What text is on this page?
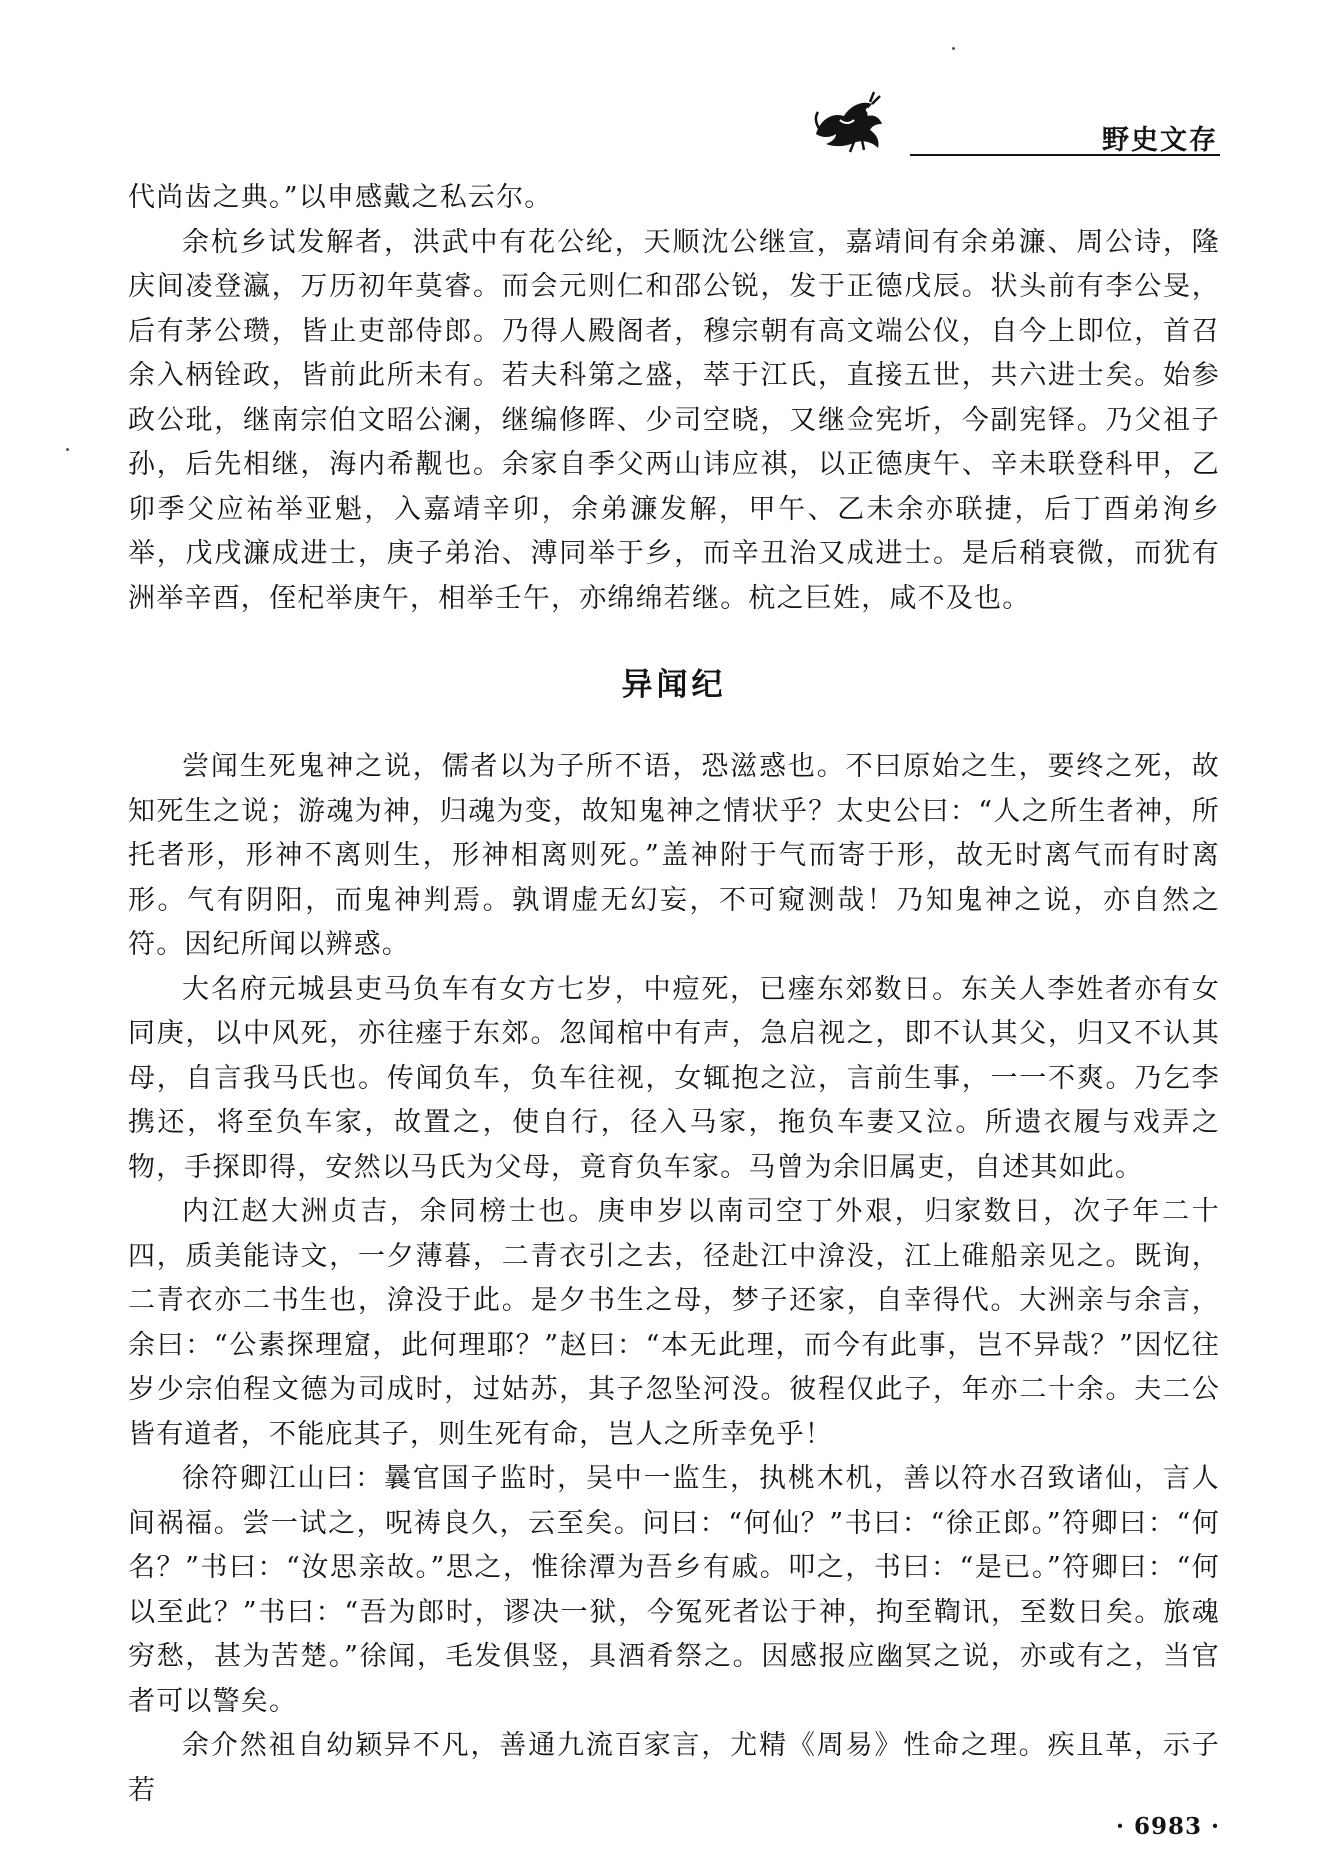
野史文存

代尚齿之典。”以申感戴之私云尔。

余杭乡试发解者，洪武中有花公纶，天顺沈公继宣，嘉靖间有余弟濂、周公诗，隆庆间凌登瀛，万历初年莫睿。而会元则仁和邵公锐，发于正德戊辰。状头前有李公旻，后有茅公瓒，皆止吏部侍郎。乃得人殿阁者，穆宗朝有高文端公仪，自今上即位，首召余入柄铨政，皆前此所未有。若夫科第之盛，萃于江氏，直接五世，共六进士矣。始参政公玭，继南宗伯文昭公澜，继编修晖、少司空晓，又继佥宪圻，今副宪铎。乃父祖子孙，后先相继，海内希觏也。余家自季父两山讳应祺，以正德庚午、辛未联登科甲，乙卯季父应祐举亚魁，入嘉靖辛卯，余弟濂发解，甲午、乙未余亦联捷，后丁酉弟洵乡举，戊戌濂成进士，庚子弟治、溥同举于乡，而辛丑治又成进士。是后稍衰微，而犹有洲举辛酉，侄杞举庚午，相举壬午，亦绵绵若继。杭之巨姓，咸不及也。

异闻纪

尝闻生死鬼神之说，儒者以为子所不语，恐滋惑也。不曰原始之生，要终之死，故知死生之说；游魂为神，归魂为变，故知鬼神之情状乎？太史公曰：“人之所生者神，所托者形，形神不离则生，形神相离则死。”盖神附于气而寄于形，故无时离气而有时离形。气有阴阳，而鬼神判焉。孰谓虚无幻妄，不可窥测哉！乃知鬼神之说，亦自然之符。因纪所闻以辨惑。

大名府元城县吏马负车有女方七岁，中痘死，已瘗东郊数日。东关人李姓者亦有女同庚，以中风死，亦往瘗于东郊。忽闻棺中有声，急启视之，即不认其父，归又不认其母，自言我马氏也。传闻负车，负车往视，女辄抱之泣，言前生事，一一不爽。乃乞李携还，将至负车家，故置之，使自行，径入马家，拖负车妻又泣。所遗衣履与戏弄之物，手探即得，安然以马氏为父母，竟育负车家。马曾为余旧属吏，自述其如此。

内江赵大洲贞吉，余同榜士也。庚申岁以南司空丁外艰，归家数日，次子年二十四，质美能诗文，一夕薄暮，二青衣引之去，径赴江中渰没，江上碓船亲见之。既询，二青衣亦二书生也，渰没于此。是夕书生之母，梦子还家，自幸得代。大洲亲与余言，余曰：“公素探理窟，此何理耶？”赵曰：“本无此理，而今有此事，岂不异哉？”因忆往岁少宗伯程文德为司成时，过姑苏，其子忽坠河没。彼程仅此子，年亦二十余。夫二公皆有道者，不能庇其子，则生死有命，岂人之所幸免乎！

徐符卿江山曰：曩官国子监时，吴中一监生，执桃木机，善以符水召致诸仙，言人间祸福。尝一试之，呪祷良久，云至矣。问曰：“何仙？”书曰：“徐正郎。”符卿曰：“何名？”书曰：“汝思亲故。”思之，惟徐潭为吾乡有戚。叩之，书曰：“是已。”符卿曰：“何以至此？”书曰：“吾为郎时，谬决一狱，今冤死者讼于神，拘至鞫讯，至数日矣。旅魂穷愁，甚为苦楚。”徐闻，毛发俱竖，具酒肴祭之。因感报应幽冥之说，亦或有之，当官者可以警矣。

余介然祖自幼颖异不凡，善通九流百家言，尤精《周易》性命之理。疾且革，示子若

· 6983 ·
